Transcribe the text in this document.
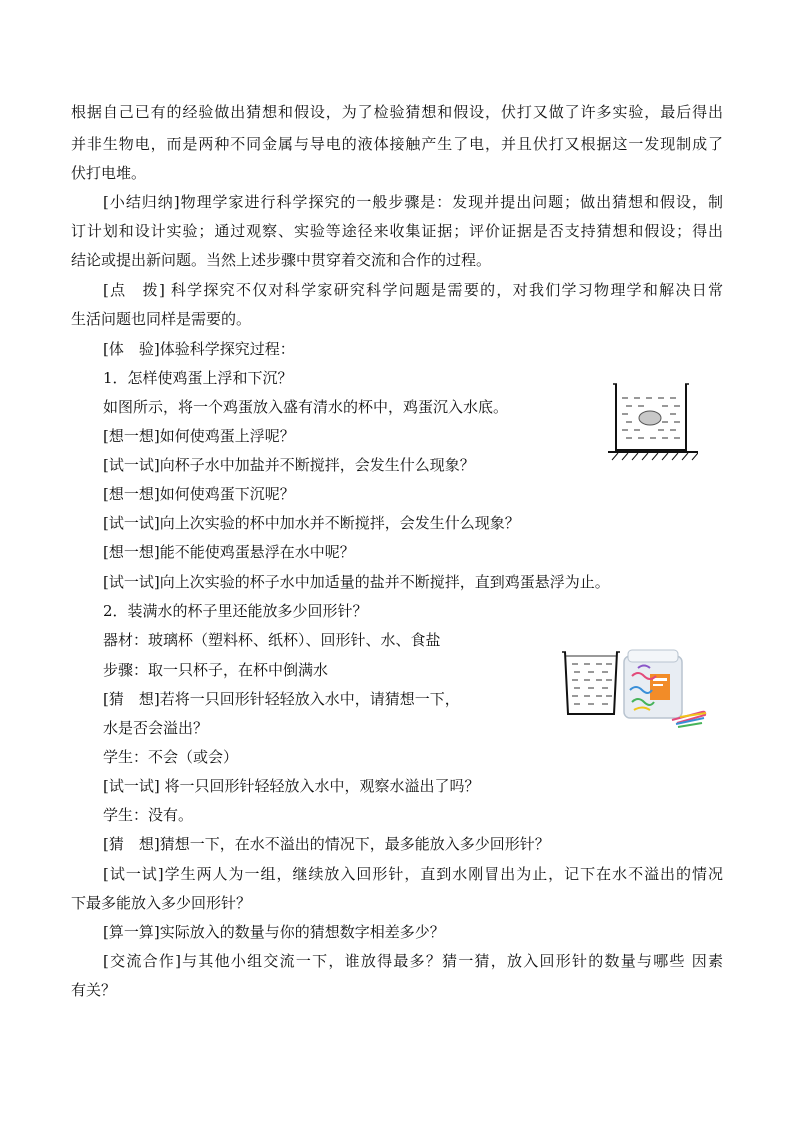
根据自己已有的经验做出猜想和假设，为了检验猜想和假设，伏打又做了许多实验，最后得出
并非生物电，而是两种不同金属与导电的液体接触产生了电，并且伏打又根据这一发现制成了
伏打电堆。
[小结归纳]物理学家进行科学探究的一般步骤是：发现并提出问题；做出猜想和假设，制
订计划和设计实验；通过观察、实验等途径来收集证据；评价证据是否支持猜想和假设；得出
结论或提出新问题。当然上述步骤中贯穿着交流和合作的过程。
[点　拨] 科学探究不仅对科学家研究科学问题是需要的，对我们学习物理学和解决日常
生活问题也同样是需要的。
[体　验]体验科学探究过程：
1．怎样使鸡蛋上浮和下沉？
如图所示，将一个鸡蛋放入盛有清水的杯中，鸡蛋沉入水底。
[想一想]如何使鸡蛋上浮呢？
[试一试]向杯子水中加盐并不断搅拌，会发生什么现象？
[想一想]如何使鸡蛋下沉呢？
[试一试]向上次实验的杯中加水并不断搅拌，会发生什么现象？
[想一想]能不能使鸡蛋悬浮在水中呢？
[试一试]向上次实验的杯子水中加适量的盐并不断搅拌，直到鸡蛋悬浮为止。
2．装满水的杯子里还能放多少回形针？
器材：玻璃杯（塑料杯、纸杯）、回形针、水、食盐
步骤：取一只杯子，在杯中倒满水
[猜　想]若将一只回形针轻轻放入水中，请猜想一下，
水是否会溢出？
学生：不会（或会）
[试一试] 将一只回形针轻轻放入水中，观察水溢出了吗？
学生：没有。
[猜　想]猜想一下，在水不溢出的情况下，最多能放入多少回形针？
[试一试]学生两人为一组，继续放入回形针，直到水刚冒出为止，记下在水不溢出的情况
下最多能放入多少回形针？
[算一算]实际放入的数量与你的猜想数字相差多少？
[交流合作]与其他小组交流一下，谁放得最多？猜一猜，放入回形针的数量与哪些 因素
有关？
